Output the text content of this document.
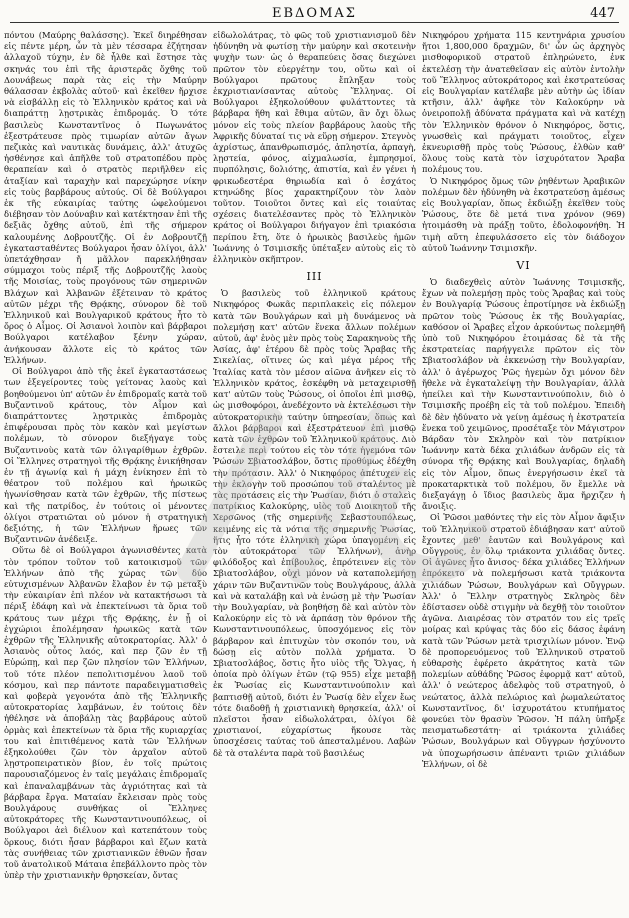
ΕΒΔΟΜΑΣ	447

πόντου (Μαύρης θαλάσσης). Ἐκεῖ διηρέθησαν εἰς πέντε μέρη, ὧν τὰ μὲν τέσσαρα ἐζήτησαν ἀλλαχοῦ τύχην, ἐν δὲ ἦλθε καὶ ἔστησε τὰς σκηνάς του ἐπὶ τῆς ἀριστερᾶς ὄχθης τοῦ Δουνάβεως παρὰ τὰς εἰς τὴν Μαύρην θάλασσαν ἐκβολὰς αὐτοῦ· καὶ ἐκεῖθεν ἤρχισε νὰ εἰσβάλλῃ εἰς τὸ Ἑλληνικὸν κράτος καὶ νὰ διαπράττῃ λῃστρικὰς ἐπιδρομάς. Ὁ τότε βασιλεὺς Κωνσταντῖνος ὁ Πωγωνάτος ἐξεστράτευσε πρὸς τιμωρίαν αὐτῶν ἄγων πεζικὰς καὶ ναυτικὰς δυνάμεις, ἀλλ' ἀτυχῶς ἠσθένησε καὶ ἀπῆλθε τοῦ στρατοπέδου πρὸς θεραπείαν καὶ ὁ στρατὸς περιῆλθεν εἰς ἀταξίαν καὶ ταραχὴν καὶ παρεχώρησε νίκην εἰς τοὺς βαρβάρους αὐτούς. Οἱ δὲ Βούλγαροι ἐκ τῆς εὐκαιρίας ταύτης ὠφελούμενοι διέβησαν τὸν Δούναβιν καὶ κατέκτησαν ἐπὶ τῆς δεξιᾶς ὄχθης αὐτοῦ, ἐπὶ τῆς σήμερον καλουμένης Δοβρουτζῆς. Οἱ ἐν Δοβρουτζῇ ἐγκατασταθέντες Βούλγαροι ἦσαν ὀλίγοι, ἀλλ' ὑπετάχθησαν ἤ μᾶλλον παρεκλήθησαν σύμμαχοι τοὺς πέριξ τῆς Δοβρουτζῆς λαοὺς τῆς Μοισίας, τοὺς προγόνους τῶν σημερινῶν Βλάχων καὶ Ἀλβανῶν ἐξέτειναν τὸ κράτος αὐτῶν μέχρι τῆς Θρᾴκης, σύνορον δὲ τοῦ Ἑλληνικοῦ καὶ Βουλγαρικοῦ κράτους ἦτο τὸ ὄρος ὁ Αἷμος. Οἱ Ἀσιανοὶ λοιπὸν καὶ βάρβαροι Βούλγαροι κατέλαβον ξένην χώραν, ἀνήκουσαν ἄλλοτε εἰς τὸ κράτος τῶν Ἑλλήνων.

Οἱ Βούλγαροι ἀπὸ τῆς ἐκεῖ ἐγκαταστάσεως των ἐξεγείροντες τοὺς γείτονας λαοὺς καὶ βοηθούμενοι ὑπ' αὐτῶν ἐν ἐπιδρομαῖς κατὰ τοῦ Βυζαντινοῦ κράτους, τὸν Αἷμον καὶ διαπράττοντες λῃστρικὰς ἐπιδρομὰς ἐπιφέρουσαι πρὸς τὸν κακὸν καὶ μεγίστων πολέμων, τὸ σύνορον διεξήγαγε τοὺς Βυζαντινοὺς κατὰ τῶν ὀλιγαρίθμων ἐχθρῶν. Οἱ Ἕλληνες στρατηγοὶ τῆς Θρᾴκης ἐνικήθησαν ἐν τῇ ἀγωνίᾳ καὶ ἡ μάχη ἐνίκησεν ἐπὶ τὸ θέατρον τοῦ πολέμου καὶ ἡρωικῶς ἠγωνίσθησαν κατὰ τῶν ἐχθρῶν, τῆς πίστεως καὶ τῆς πατρίδος, ἐν τούτοις οἱ μένοντες ὀλίγοι στρατιῶται οὐ μόνον ἡ στρατηγικὴ δεξιότης, ἡ τῶν Ἑλλήνων ἥρωες τῶν Βυζαντινῶν ἀνέδειξε.

Οὕτω δὲ οἱ Βούλγαροι ἀγωνισθέντες κατὰ τὸν τρόπον τοῦτον τοῦ κατοικισμοῦ τῶν Ἑλλήνων ἀπὸ τῆς χώρας τῶν δύο εὐτυχισμένων Ἀλβανῶν ἔλαβον ἐν τῷ μεταξὺ τὴν εὐκαιρίαν ἐπὶ πλέον νὰ κατακτήσωσι τὰ πέριξ ἐδάφη καὶ νὰ ἐπεκτείνωσι τὰ ὅρια τοῦ κράτους των μέχρι τῆς Θρᾴκης, ἐν ᾗ οἱ ἐγχώριοι ἐπολέμησαν ἡρωικῶς κατὰ τῶν ἐχθρῶν τῆς Ἑλληνικῆς αὐτοκρατορίας. Ἀλλ' ὁ Ἀσιανὸς οὗτος λαός, καὶ περ ζῶν ἐν τῇ Εὐρώπῃ, καὶ περ ζῶν πλησίον τῶν Ἑλλήνων, τοῦ τότε πλέον πεπολιτισμένου λαοῦ τοῦ κόσμου, καὶ περ πάντοτε παραδειγματισθεὶς καὶ φοβερὰ γεγονότα ἀπὸ τῆς Ἑλληνικῆς αὐτοκρατορίας λαμβάνων, ἐν τούτοις δὲν ἠθέλησε νὰ ἀποβάλῃ τὰς βαρβάρους αὐτοῦ ὁρμὰς καὶ ἐπεκτείνων τὰ ὅρια τῆς κυριαρχίας του καὶ ἐπιτιθέμενος κατὰ τῶν Ἑλλήνων ἐξηκολούθει ζῶν τὸν ἀρχαῖον αὐτοῦ λῃστροπειρατικὸν βίον, ἐν τοῖς πρώτοις παρουσιαζόμενος ἐν ταῖς μεγάλαις ἐπιδρομαῖς καὶ ἐπαναλαμβάνων τὰς ἀγριότητας καὶ τὰ βάρβαρα ἔργα. Ματαίαν ἔκλεισαν πρὸς τοὺς Βουλγάρους συνθήκας οἱ Ἕλληνες αὐτοκράτορες τῆς Κωνσταντινουπόλεως, οἱ Βούλγαροι ἀεὶ διέλυον καὶ κατεπάτουν τοὺς ὅρκους, διότι ἦσαν βάρβαροι καὶ ἔζων κατὰ τὰς συνήθειας τῶν χριστιανικῶν ἐθνῶν ἦσαν τοῦ ἀνατολικοῦ Μάταια ἐπεβάλλοντο πρὸς τὸν ὑπὲρ τὴν χριστιανικὴν θρησκείαν, ὄντας

εἰδωλολάτρας, τὸ φῶς τοῦ χριστιανισμοῦ δὲν ἠδύνηθη νὰ φωτίσῃ τὴν μαύρην καὶ σκοτεινὴν ψυχὴν των· ὡς ὁ θεραπεύεις ὅσας διεχώνει πρῶτον τὸν εὐεργέτην του, οὕτω καὶ οἱ Βούλγαροι πρῶτους ἔπληξαν τοὺς ἐκχριστιανίσαντας αὐτοὺς Ἕλληνας. Οἱ Βούλγαροι ἐξηκολούθουν φυλάττοντες τὰ βάρβαρα ἤθη καὶ ἔθιμα αὐτῶν, ἃν ὄχι ὅλως μόνον εἰς τοὺς πλείον βαρβάρους λαοὺς τῆς Ἀφρικῆς δύναταί τις νὰ εὕρῃ σήμερον. Στεγνὸς ἀχρίστως, ἀπανθρωπισμός, ἀπληστία, ἁρπαγὴ, λῃστεία, φόνος, αἰχμαλωσία, ἐμπρησμοί, πυρπόλησις, δολιότης, ἀπιστία, καὶ ἐν γένει ἡ φρικωδεστέρα θηριωδία καὶ ὁ ἐσχάτος κτηνώδης βίος χαρακτηρίζουν τὸν λαὸν τοῦτον. Τοιοῦτοι ὄντες καὶ εἰς τοιαύτας σχέσεις διατελέσαντες πρὸς τὸ Ἑλληνικὸν κράτος οἱ Βούλγαροι διήγαγον ἐπὶ τριακόσια περίπου ἔτη, ὅτε ὁ ἡρωικὸς βασιλεὺς ἡμῶν Ἰωάννης ὁ Τσιμισκῆς ὑπέταξεν αὐτοὺς εἰς τὸ ἑλληνικὸν σκῆπτρον.

III

Ὁ βασιλεὺς τοῦ ἑλληνικοῦ κράτους Νικηφόρος Φωκᾶς περιπλακεὶς εἰς πόλεμον κατὰ τῶν Βουλγάρων καὶ μὴ δυνάμενος νὰ πολεμήσῃ κατ' αὐτῶν ἕνεκα ἄλλων πολέμων αὐτοῦ, ἀφ' ἑνὸς μὲν πρὸς τοὺς Σαρακηνοὺς τῆς Ἀσίας, ἀφ' ἑτέρου δὲ πρὸς τοὺς Ἄραβας τῆς Σικελίας, οἵτινες ὡς καὶ μέγα μέρος τῆς Ἰταλίας κατὰ τὸν μέσον αἰῶνα ἀνῆκεν εἰς τὸ Ἑλληνικὸν κράτος, ἐσκέφθη νὰ μεταχειρισθῇ κατ' αὐτῶν τοὺς Ῥώσους, οἱ ὁποῖοι ἐπὶ μισθῷ, ὡς μισθοφόροι, ἀνεδέχοντο νὰ ἐκτελέσωσι τὴν αὐτοκρατορικὴν ταύτην ὑπηρεσίαν, ὅπως καὶ ἄλλοι βάρβαροι καὶ ἐξεστράτευον ἐπὶ μισθῷ κατὰ τῶν ἐχθρῶν τοῦ Ἑλληνικοῦ κράτους. Διὸ ἔστειλε περὶ τούτου εἰς τὸν τότε ἡγεμόνα τῶν Ῥώσων Σβιατοσλάβον, ὅστις προθύμως ἐδέχθη τὴν πρότασιν. Ἀλλ' ὁ Νικηφόρος ἀπέτυχεν εἰς τὴν ἐκλογὴν τοῦ προσώπου τοῦ σταλέντος μὲ τὰς προτάσεις εἰς τὴν Ῥωσίαν, διότι ὁ σταλεὶς πατρίκιος Καλοκύρης, υἱὸς τοῦ Διοικητοῦ τῆς Χερσῶνος (τῆς σημερινῆς Σεβαστουπόλεως, κειμένης εἰς τὰ νότια τῆς σημερινῆς Ῥωσίας, ἥτις ἦτο τότε ἑλληνικὴ χώρα ὑπαγομένη εἰς τὸν αὐτοκράτορα τῶν Ἑλλήνων), ἀνὴρ φιλόδοξος καὶ ἐπίβουλος, ἐπρότεινεν εἰς τὸν Σβιατοσλάβον, οὐχὶ μόνον νὰ καταπολεμήσῃ χάριν τῶν Βυζαντινῶν τοὺς Βουλγάρους, ἀλλὰ καὶ νὰ καταλάβῃ καὶ νὰ ἑνώσῃ μὲ τὴν Ῥωσίαν τὴν Βουλγαρίαν, νὰ βοηθήσῃ δὲ καὶ αὐτὸν τὸν Καλοκύρην εἰς τὸ νὰ ἁρπάσῃ τὸν θρόνον τῆς Κωνσταντινουπόλεως, ὑποσχόμενος εἰς τὸν βάρβαρον καὶ ἐπιτυχὼν τὸν σκοπόν του, νὰ δώσῃ εἰς αὐτὸν πολλὰ χρήματα. Ὁ Σβιατοσλάβος, ὅστις ἦτο υἱὸς τῆς Ὄλγας, ἡ ὁποία πρὸ ὀλίγων ἐτῶν (τῷ 955) εἶχε μεταβῇ ἐκ Ῥωσίας εἰς Κωνσταντινούπολιν καὶ βαπτισθῇ αὐτοῦ, διότι ἐν Ῥωσίᾳ δὲν εἶχεν ἔως τότε διαδοθῇ ἡ χριστιανικὴ θρησκεία, ἀλλ' οἱ πλεῖστοι ἦσαν εἰδωλολάτραι, ὀλίγοι δὲ χριστιανοί, εὐχαρίστως ἤκουσε τὰς ὑποσχέσεις ταύτας τοῦ ἀπεσταλμένου. Λαβὼν δὲ τὰ σταλέντα παρὰ τοῦ βασιλέως

Νικηφόρου χρήματα 115 κεντηνάρια χρυσίου ἤτοι 1,800,000 δραχμῶν, δι' ὧν ὡς ἀρχηγὸς μισθοφορικοῦ στρατοῦ ἐπληρώνετο, ἐνκ ἐκτελέσῃ τὴν ἀνατεθεῖσαν εἰς αὐτὸν ἐντολὴν τοῦ Ἕλληνος αὐτοκράτορος καὶ ἐκστρατεύσας εἰς Βουλγαρίαν κατέλαβε μὲν αὐτὴν ὡς ἰδίαν κτῆσιν, ἀλλ' ἀφῆκε τὸν Καλοκύρην νὰ ὀνειροπολῇ ἀδύνατα πράγματα καὶ νὰ κατέχῃ τὸν Ἑλληνικὸν θρόνον ὁ Νικηφόρος, ὅστις, γνωσθεὶς καὶ πράγματι τοιοῦτος, εἶχεν ἐκνευρισθῇ πρὸς τοὺς Ῥώσους, ἐλθὼν καθ' ὅλους τοὺς κατὰ τὸν ἰσχυρότατον Ἄραβα πολέμους του.

Ὁ Νικηφόρος ὅμως τῶν ῥηθέντων Ἀραβικῶν πολέμων δὲν ἠδύνηθη νὰ ἐκστρατεύσῃ ἀμέσως εἰς Βουλγαρίαν, ὅπως ἐκδιώξῃ ἐκεῖθεν τοὺς Ῥώσους, ὅτε δὲ μετά τινα χρόνον (969) ἡτοιμάσθη νὰ πράξῃ τοῦτο, ἐδολοφονήθη. Ἡ τιμὴ αὕτη ἐπεφυλάσσετο εἰς τὸν διάδοχον αὐτοῦ Ἰωάννην Τσιμισκῆν.

VI

Ὁ διαδεχθεὶς αὐτὸν Ἰωάννης Τσιμισκῆς, ἔχων νὰ πολεμήσῃ πρὸς τοὺς Ἄραβας καὶ τοὺς ἐν Βουλγαρίᾳ Ῥώσους ἐπροτίμησε νὰ ἐκδιώξῃ πρῶτον τοὺς Ῥώσους ἐκ τῆς Βουλγαρίας, καθόσον οἱ Ἄραβες εἶχον ἀρκούντως πολεμηθῆ ὑπὸ τοῦ Νικηφόρου ἐτοιμάσας δὲ τὰ τῆς ἐκστρατείας παρήγγειλε πρῶτον εἰς τὸν Σβιατοσλάβον νὰ ἐκκενώσῃ τὴν Βουλγαρίαν, ἀλλ' ὁ ἀγέρωχος Ῥῶς ἡγεμὼν ὄχι μόνον δὲν ἤθελε νὰ ἐγκαταλείψῃ τὴν Βουλγαρίαν, ἀλλὰ ἠπείλει καὶ τὴν Κωνσταντινούπολιν, διὸ ὁ Τσιμισκῆς προέβη εἰς τὰ τοῦ πολέμου. Ἐπειδὴ δὲ δὲν ἠδύνατο νὰ γείνῃ ἀμέσως ἡ ἐκστρατεία ἕνεκα τοῦ χειμῶνος, προσέταξε τὸν Μάγιστρον Βάρδαν τὸν Σκληρὸν καὶ τὸν πατρίκιον Ἰωάννην κατὰ δέκα χιλιάδων ἀνδρῶν εἰς τὰ σύνορα τῆς Θρᾴκης καὶ Βουλγαρίας, δηλαδὴ εἰς τὸν Αἷμον, ὅπως ἐνεργήσωσιν ἐκεῖ τὰ προκαταρκτικὰ τοῦ πολέμου, ὅν ἔμελλε νὰ διεξαγάγῃ ὁ ἴδιος βασιλεὺς ἅμα ἤρχιζεν ἡ ἄνοιξις.

Οἱ Ῥῶσοι μαθόντες τὴν εἰς τὸν Αἷμον ἄφιξιν τοῦ Ἑλληνικοῦ στρατοῦ ἐδιάβησαν κατ' αὐτοῦ ἔχοντες μεθ' ἑαυτῶν καὶ Βουλγάρους καὶ Οὔγγρους, ἐν ὅλῳ τριάκοντα χιλιάδας ὄντες. Οἱ ἀγῶνες ἦτο ἄνισος· δέκα χιλιάδες Ἑλλήνων ἐπρόκειτο νὰ πολεμήσωσι κατὰ τριάκοντα χιλιάδων Ῥώσων, Βουλγάρων καὶ Οὔγγρων. Ἀλλ' ὁ Ἕλλην στρατηγὸς Σκληρὸς δὲν ἐδίστασεν οὐδὲ στιγμὴν νὰ δεχθῇ τὸν τοιοῦτον ἀγῶνα. Διαιρέσας τὸν στρατόν του εἰς τρεῖς μοίρας καὶ κρύψας τὰς δύο εἰς δάσος ἐφάνη κατὰ τῶν Ῥώσων μετὰ τρισχιλίων μόνον. Ἐνῷ δὲ προπορευόμενος τοῦ Ἑλληνικοῦ στρατοῦ εὐθαρσὴς ἐφέρετο ἀκράτητος κατὰ τῶν πολεμίων αὐθάδης Ῥῶσος ἐφορμᾷ κατ' αὐτοῦ, ἀλλ' ὁ νεώτερος ἀδελφὸς τοῦ στρατηγοῦ, ὁ νεώτατος, ἀλλὰ πελώριος καὶ ῥωμαλεώτατος Κωνσταντῖνος, δι' ἰσχυροτάτου κτυπήματος φονεύει τὸν θρασὺν Ῥῶσον. Ἡ πάλη ὑπῆρξε πεισματωδεστάτη· αἱ τριάκοντα χιλιάδες Ῥώσων, Βουλγάρων καὶ Οὔγγρων ἠσχύνοντο νὰ ὑποχωρήσωσιν ἀπέναντι τριῶν χιλιάδων Ἑλλήνων, οἱ δὲ
